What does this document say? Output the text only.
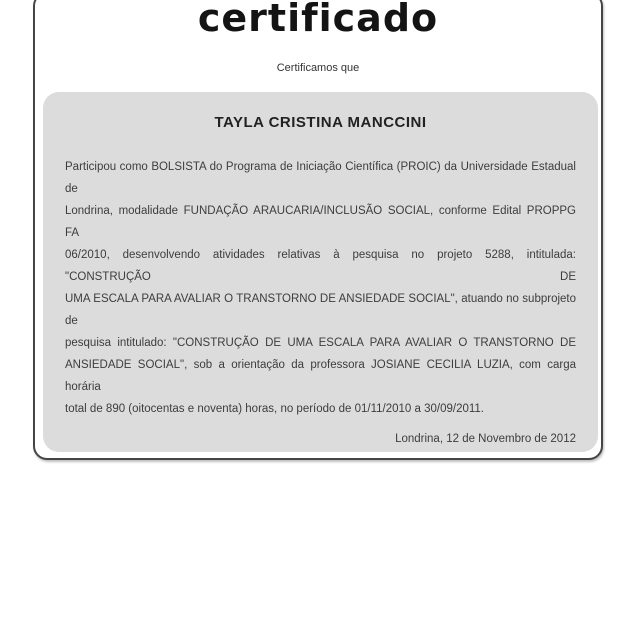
certificado
Certificamos que
TAYLA CRISTINA MANCCINI
Participou como BOLSISTA do Programa de Iniciação Científica (PROIC) da Universidade Estadual de
Londrina, modalidade FUNDAÇÃO ARAUCARIA/INCLUSÃO SOCIAL, conforme Edital PROPPG FA
06/2010, desenvolvendo atividades relativas à pesquisa no projeto 5288, intitulada: "CONSTRUÇÃO DE
UMA ESCALA PARA AVALIAR O TRANSTORNO DE ANSIEDADE SOCIAL", atuando no subprojeto de
pesquisa intitulado: "CONSTRUÇÃO DE UMA ESCALA PARA AVALIAR O TRANSTORNO DE
ANSIEDADE SOCIAL", sob a orientação da professora JOSIANE CECILIA LUZIA, com carga horária
total de 890 (oitocentas e noventa) horas, no período de 01/11/2010 a 30/09/2011.
Londrina, 12 de Novembro de 2012
